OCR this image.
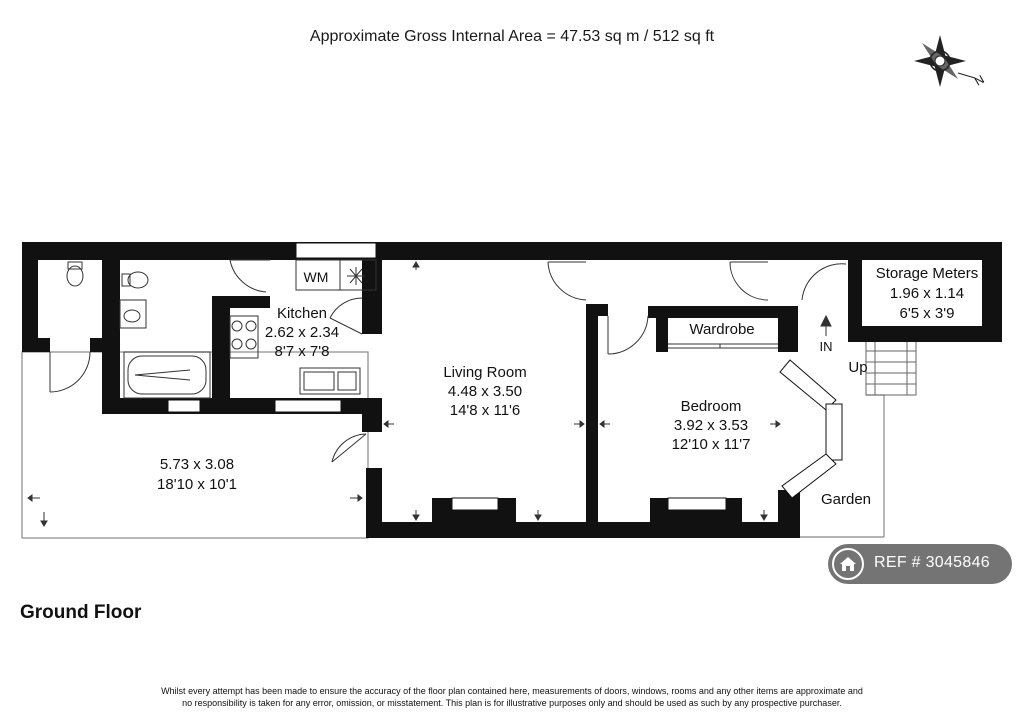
Approximate Gross Internal Area = 47.53 sq m / 512 sq ft
N
Kitchen
2.62 x 2.34
8'7 x 7'8
Living Room
4.48 x 3.50
14'8 x 11'6	Bedroom
3.92 x 3.53
12'10 x 11'7
Storage Meters
1.96 x 1.14
6'5 x 3'9
5.73 x 3.08
18'10 x 10'1
Wardrobe
WM
IN
Up
Garden
REF # 3045846
Ground Floor
Whilst every attempt has been made to ensure the accuracy of the floor plan contained here, measurements of doors, windows, rooms and any other items are approximate and
no responsibility is taken for any error, omission, or misstatement. This plan is for illustrative purposes only and should be used as such by any prospective purchaser.
